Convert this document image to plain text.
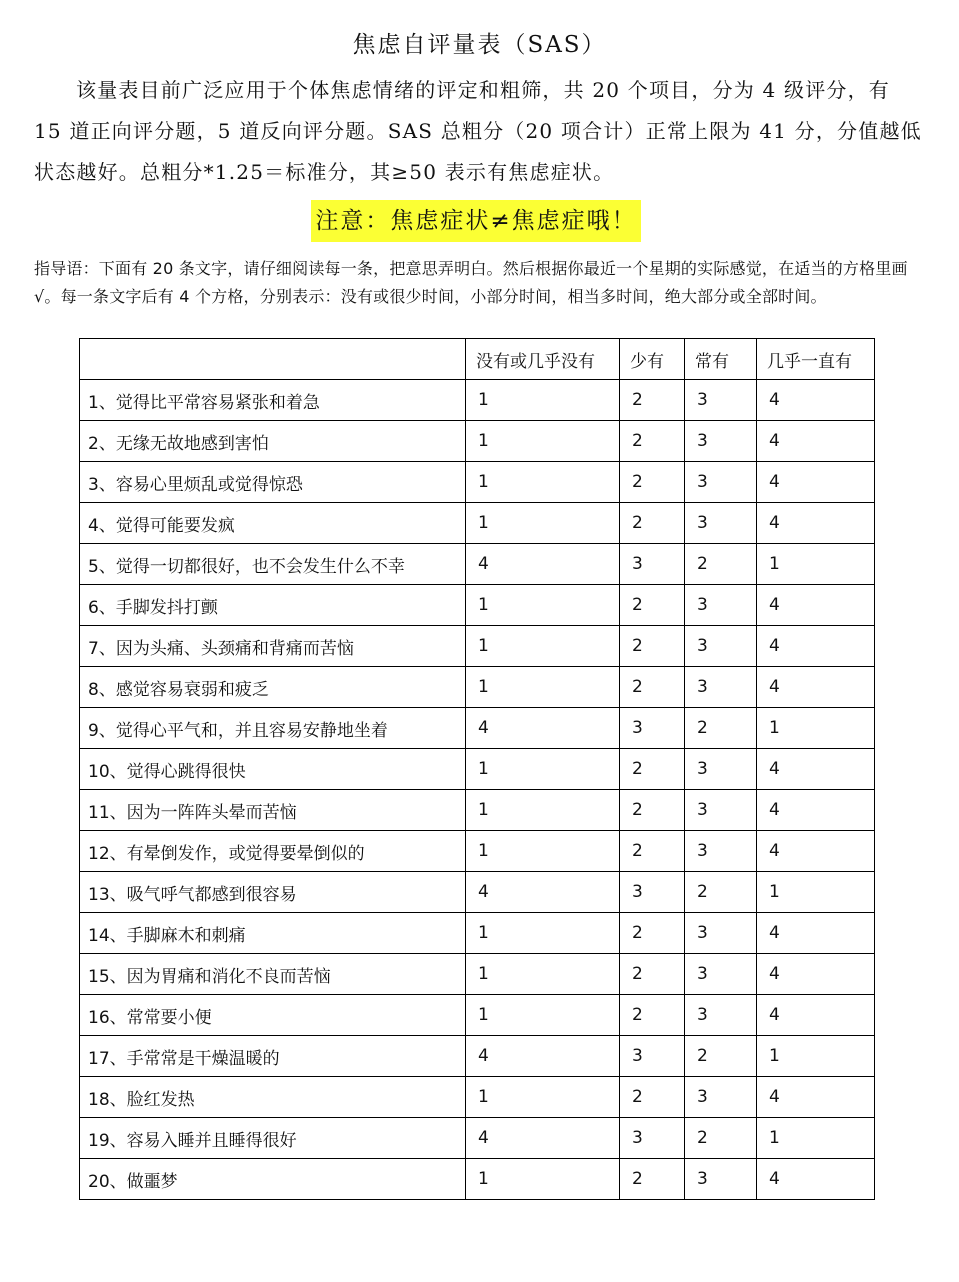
焦虑自评量表（SAS）

该量表目前广泛应用于个体焦虑情绪的评定和粗筛，共 20 个项目，分为 4 级评分，有 15 道正向评分题，5 道反向评分题。SAS 总粗分（20 项合计）正常上限为 41 分，分值越低状态越好。总粗分*1.25＝标准分，其≥50 表示有焦虑症状。

注意：焦虑症状≠焦虑症哦！

指导语：下面有 20 条文字，请仔细阅读每一条，把意思弄明白。然后根据你最近一个星期的实际感觉，在适当的方格里画√。每一条文字后有 4 个方格，分别表示：没有或很少时间，小部分时间，相当多时间，绝大部分或全部时间。

	没有或几乎没有	少有	常有	几乎一直有
1、觉得比平常容易紧张和着急	1	2	3	4
2、无缘无故地感到害怕	1	2	3	4
3、容易心里烦乱或觉得惊恐	1	2	3	4
4、觉得可能要发疯	1	2	3	4
5、觉得一切都很好，也不会发生什么不幸	4	3	2	1
6、手脚发抖打颤	1	2	3	4
7、因为头痛、头颈痛和背痛而苦恼	1	2	3	4
8、感觉容易衰弱和疲乏	1	2	3	4
9、觉得心平气和，并且容易安静地坐着	4	3	2	1
10、觉得心跳得很快	1	2	3	4
11、因为一阵阵头晕而苦恼	1	2	3	4
12、有晕倒发作，或觉得要晕倒似的	1	2	3	4
13、吸气呼气都感到很容易	4	3	2	1
14、手脚麻木和刺痛	1	2	3	4
15、因为胃痛和消化不良而苦恼	1	2	3	4
16、常常要小便	1	2	3	4
17、手常常是干燥温暖的	4	3	2	1
18、脸红发热	1	2	3	4
19、容易入睡并且睡得很好	4	3	2	1
20、做噩梦	1	2	3	4
